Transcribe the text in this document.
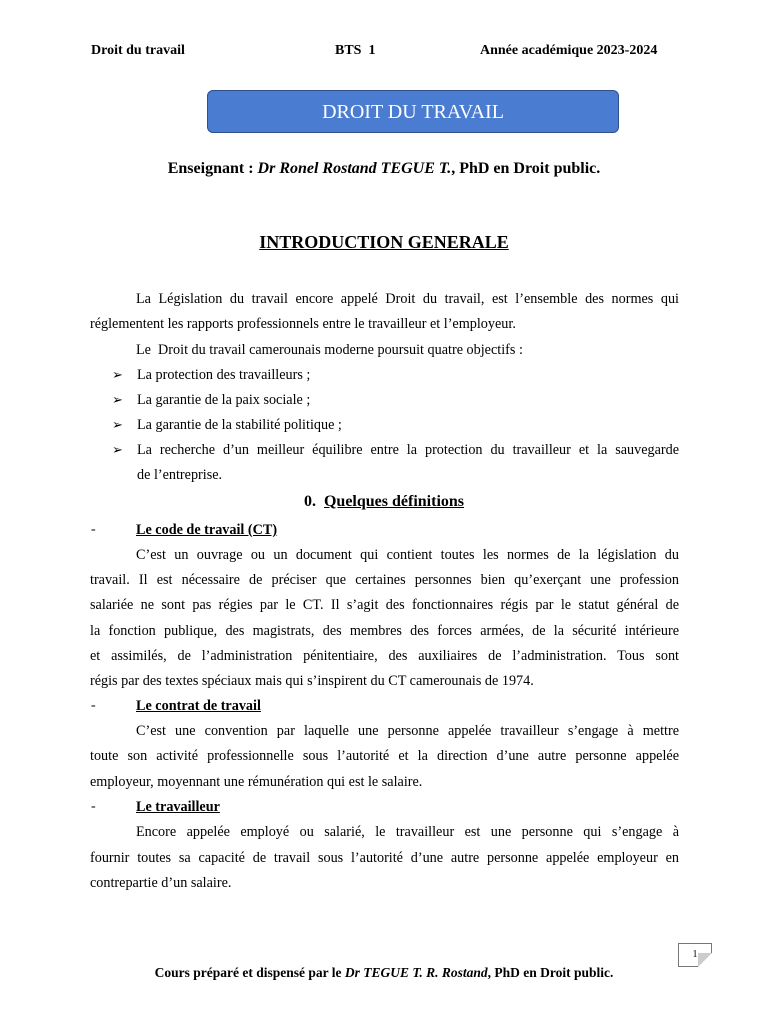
Droit du travail	BTS  1	Année académique 2023-2024
DROIT DU TRAVAIL
Enseignant : Dr Ronel Rostand TEGUE T., PhD en Droit public.
INTRODUCTION GENERALE
La Législation du travail encore appelé Droit du travail, est l’ensemble des normes qui
réglementent les rapports professionnels entre le travailleur et l’employeur.
Le  Droit du travail camerounais moderne poursuit quatre objectifs :
➢ La protection des travailleurs ;
➢ La garantie de la paix sociale ;
➢ La garantie de la stabilité politique ;
➢ La recherche d’un meilleur équilibre entre la protection du travailleur et la sauvegarde
de l’entreprise.
0. Quelques définitions
-	Le code de travail (CT)
C’est un ouvrage ou un document qui contient toutes les normes de la législation du
travail. Il est nécessaire de préciser que certaines personnes bien qu’exerçant une profession
salariée ne sont pas régies par le CT. Il s’agit des fonctionnaires régis par le statut général de
la fonction publique, des magistrats, des membres des forces armées, de la sécurité intérieure
et assimilés, de l’administration pénitentiaire, des auxiliaires de l’administration. Tous sont
régis par des textes spéciaux mais qui s’inspirent du CT camerounais de 1974.
-	Le contrat de travail
C’est une convention par laquelle une personne appelée travailleur s’engage à mettre
toute son activité professionnelle sous l’autorité et la direction d’une autre personne appelée
employeur, moyennant une rémunération qui est le salaire.
-	Le travailleur
Encore appelée employé ou salarié, le travailleur est une personne qui s’engage à
fournir toutes sa capacité de travail sous l’autorité d’une autre personne appelée employeur en
contrepartie d’un salaire.
1
Cours préparé et dispensé par le Dr TEGUE T. R. Rostand, PhD en Droit public.
